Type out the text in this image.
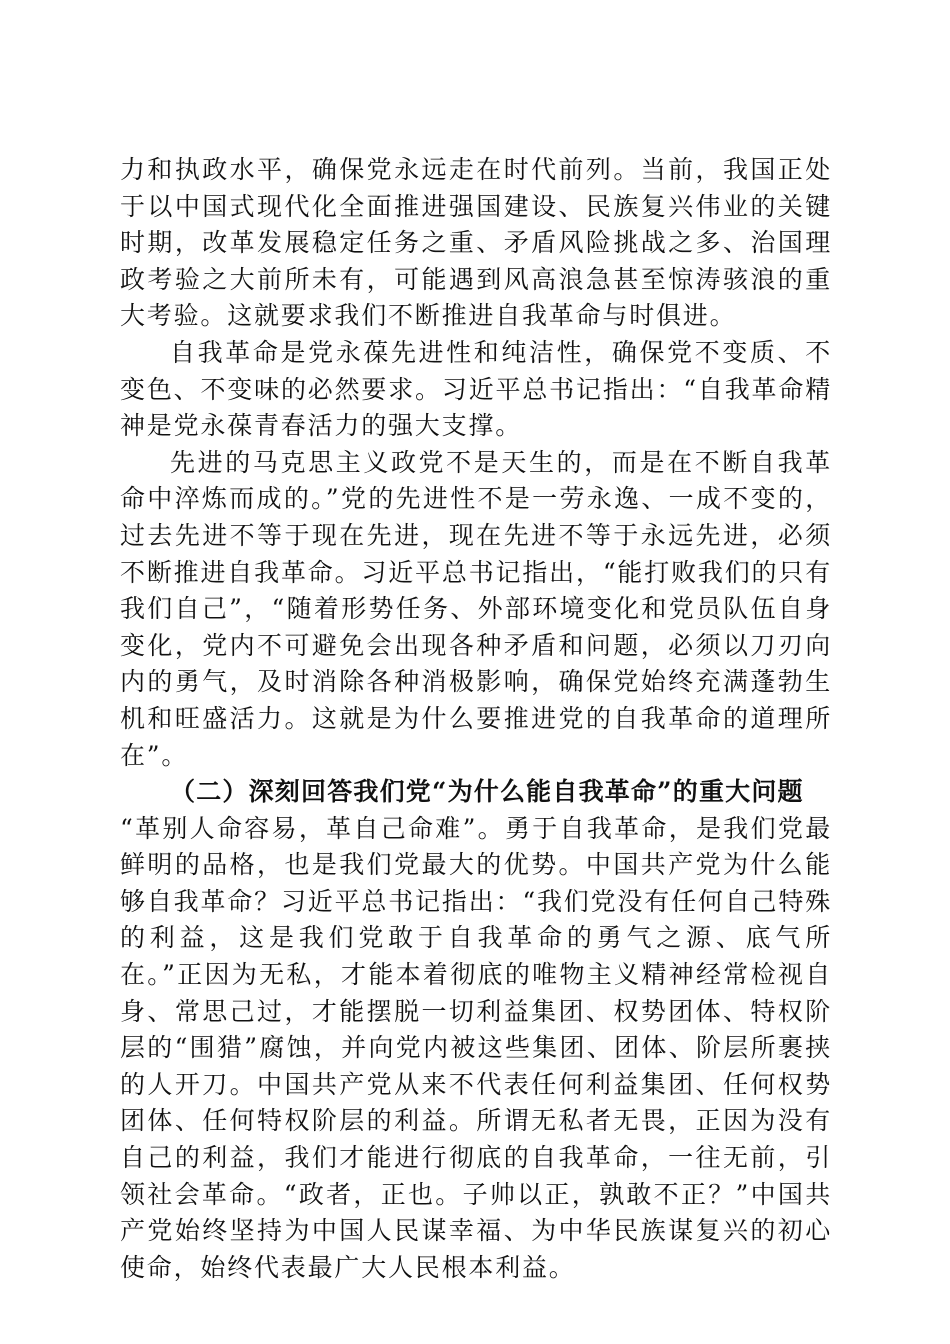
力和执政水平，确保党永远走在时代前列。当前，我国正处于以中国式现代化全面推进强国建设、民族复兴伟业的关键时期，改革发展稳定任务之重、矛盾风险挑战之多、治国理政考验之大前所未有，可能遇到风高浪急甚至惊涛骇浪的重大考验。这就要求我们不断推进自我革命与时俱进。

自我革命是党永葆先进性和纯洁性，确保党不变质、不变色、不变味的必然要求。习近平总书记指出：“自我革命精神是党永葆青春活力的强大支撑。

先进的马克思主义政党不是天生的，而是在不断自我革命中淬炼而成的。”党的先进性不是一劳永逸、一成不变的，过去先进不等于现在先进，现在先进不等于永远先进，必须不断推进自我革命。习近平总书记指出，“能打败我们的只有我们自己”，“随着形势任务、外部环境变化和党员队伍自身变化，党内不可避免会出现各种矛盾和问题，必须以刀刃向内的勇气，及时消除各种消极影响，确保党始终充满蓬勃生机和旺盛活力。这就是为什么要推进党的自我革命的道理所在”。

（二）深刻回答我们党“为什么能自我革命”的重大问题

“革别人命容易，革自己命难”。勇于自我革命，是我们党最鲜明的品格，也是我们党最大的优势。中国共产党为什么能够自我革命？习近平总书记指出：“我们党没有任何自己特殊的利益，这是我们党敢于自我革命的勇气之源、底气所在。”正因为无私，才能本着彻底的唯物主义精神经常检视自身、常思己过，才能摆脱一切利益集团、权势团体、特权阶层的“围猎”腐蚀，并向党内被这些集团、团体、阶层所裹挟的人开刀。中国共产党从来不代表任何利益集团、任何权势团体、任何特权阶层的利益。所谓无私者无畏，正因为没有自己的利益，我们才能进行彻底的自我革命，一往无前，引领社会革命。“政者，正也。子帅以正，孰敢不正？”中国共产党始终坚持为中国人民谋幸福、为中华民族谋复兴的初心使命，始终代表最广大人民根本利益。
